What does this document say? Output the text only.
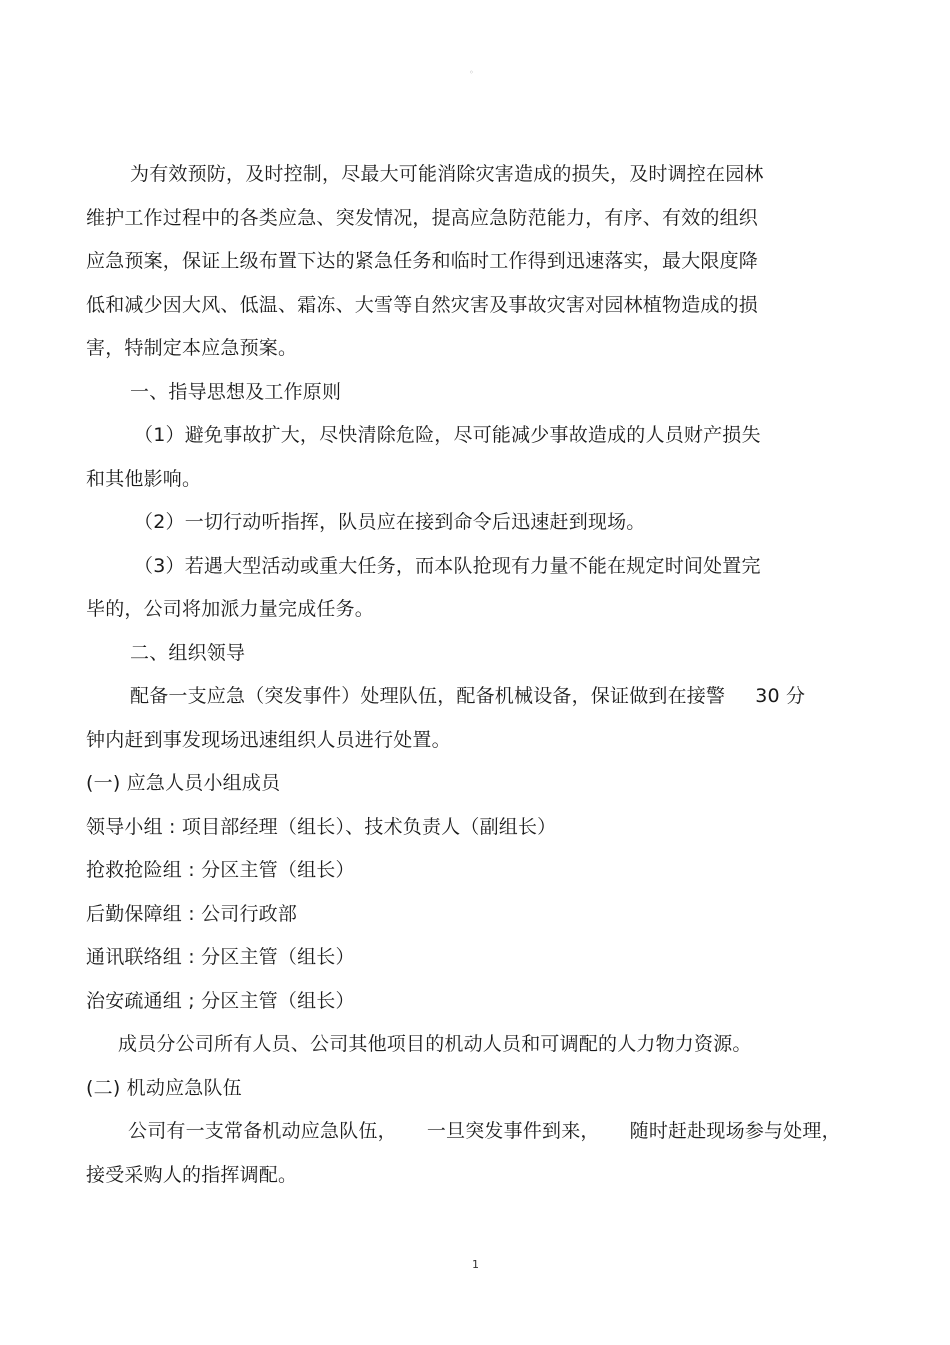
◦
为有效预防，及时控制，尽最大可能消除灾害造成的损失，及时调控在园林
维护工作过程中的各类应急、突发情况，提高应急防范能力，有序、有效的组织
应急预案，保证上级布置下达的紧急任务和临时工作得到迅速落实，最大限度降
低和减少因大风、低温、霜冻、大雪等自然灾害及事故灾害对园林植物造成的损
害，特制定本应急预案。
一、指导思想及工作原则
（1）避免事故扩大，尽快清除危险，尽可能减少事故造成的人员财产损失
和其他影响。
（2）一切行动听指挥，队员应在接到命令后迅速赶到现场。
（3）若遇大型活动或重大任务，而本队抢现有力量不能在规定时间处置完
毕的，公司将加派力量完成任务。
二、组织领导
配备一支应急（突发事件）处理队伍，配备机械设备，保证做到在接警 30 分
钟内赶到事发现场迅速组织人员进行处置。
(一) 应急人员小组成员
领导小组 : 项目部经理（组长）、技术负责人（副组长）
抢救抢险组 : 分区主管（组长）
后勤保障组 : 公司行政部
通讯联络组 : 分区主管（组长）
治安疏通组 ; 分区主管（组长）
成员分公司所有人员、公司其他项目的机动人员和可调配的人力物力资源。
(二) 机动应急队伍
公司有一支常备机动应急队伍， 一旦突发事件到来， 随时赶赴现场参与处理，
接受采购人的指挥调配。
1
